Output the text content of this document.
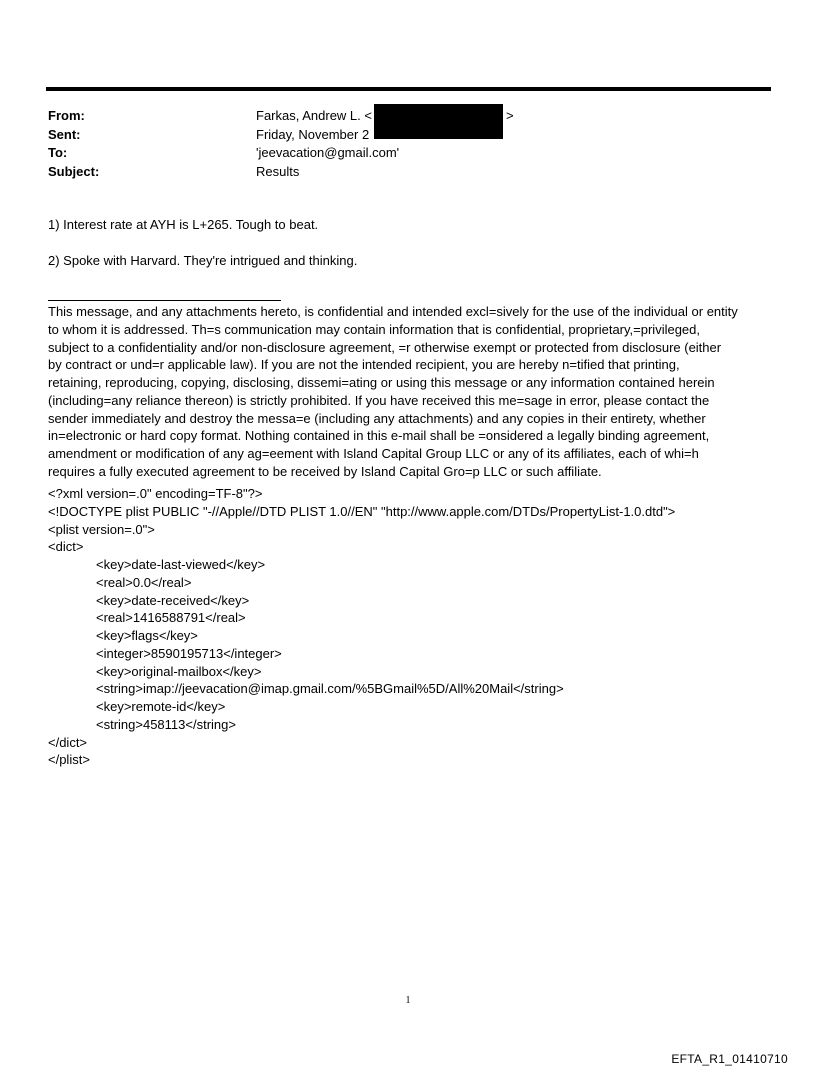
From:	Farkas, Andrew L. <	>
Sent:	Friday, November 2
To:	'jeevacation@gmail.com'
Subject:	Results
1) Interest rate at AYH is L+265. Tough to beat.
2) Spoke with Harvard. They're intrigued and thinking.
This message, and any attachments hereto, is confidential and intended excl=sively for the use of the individual or entity
to whom it is addressed. Th=s communication may contain information that is confidential, proprietary,=privileged,
subject to a confidentiality and/or non-disclosure agreement, =r otherwise exempt or protected from disclosure (either
by contract or und=r applicable law). If you are not the intended recipient, you are hereby n=tified that printing,
retaining, reproducing, copying, disclosing, dissemi=ating or using this message or any information contained herein
(including=any reliance thereon) is strictly prohibited. If you have received this me=sage in error, please contact the
sender immediately and destroy the messa=e (including any attachments) and any copies in their entirety, whether
in=electronic or hard copy format. Nothing contained in this e-mail shall be =onsidered a legally binding agreement,
amendment or modification of any ag=eement with Island Capital Group LLC or any of its affiliates, each of whi=h
requires a fully executed agreement to be received by Island Capital Gro=p LLC or such affiliate.
<?xml version=.0" encoding=TF-8"?>
<!DOCTYPE plist PUBLIC "-//Apple//DTD PLIST 1.0//EN" "http://www.apple.com/DTDs/PropertyList-1.0.dtd">
<plist version=.0">
<dict>
<key>date-last-viewed</key>
<real>0.0</real>
<key>date-received</key>
<real>1416588791</real>
<key>flags</key>
<integer>8590195713</integer>
<key>original-mailbox</key>
<string>imap://jeevacation@imap.gmail.com/%5BGmail%5D/All%20Mail</string>
<key>remote-id</key>
<string>458113</string>
</dict>
</plist>
1
EFTA_R1_01410710
